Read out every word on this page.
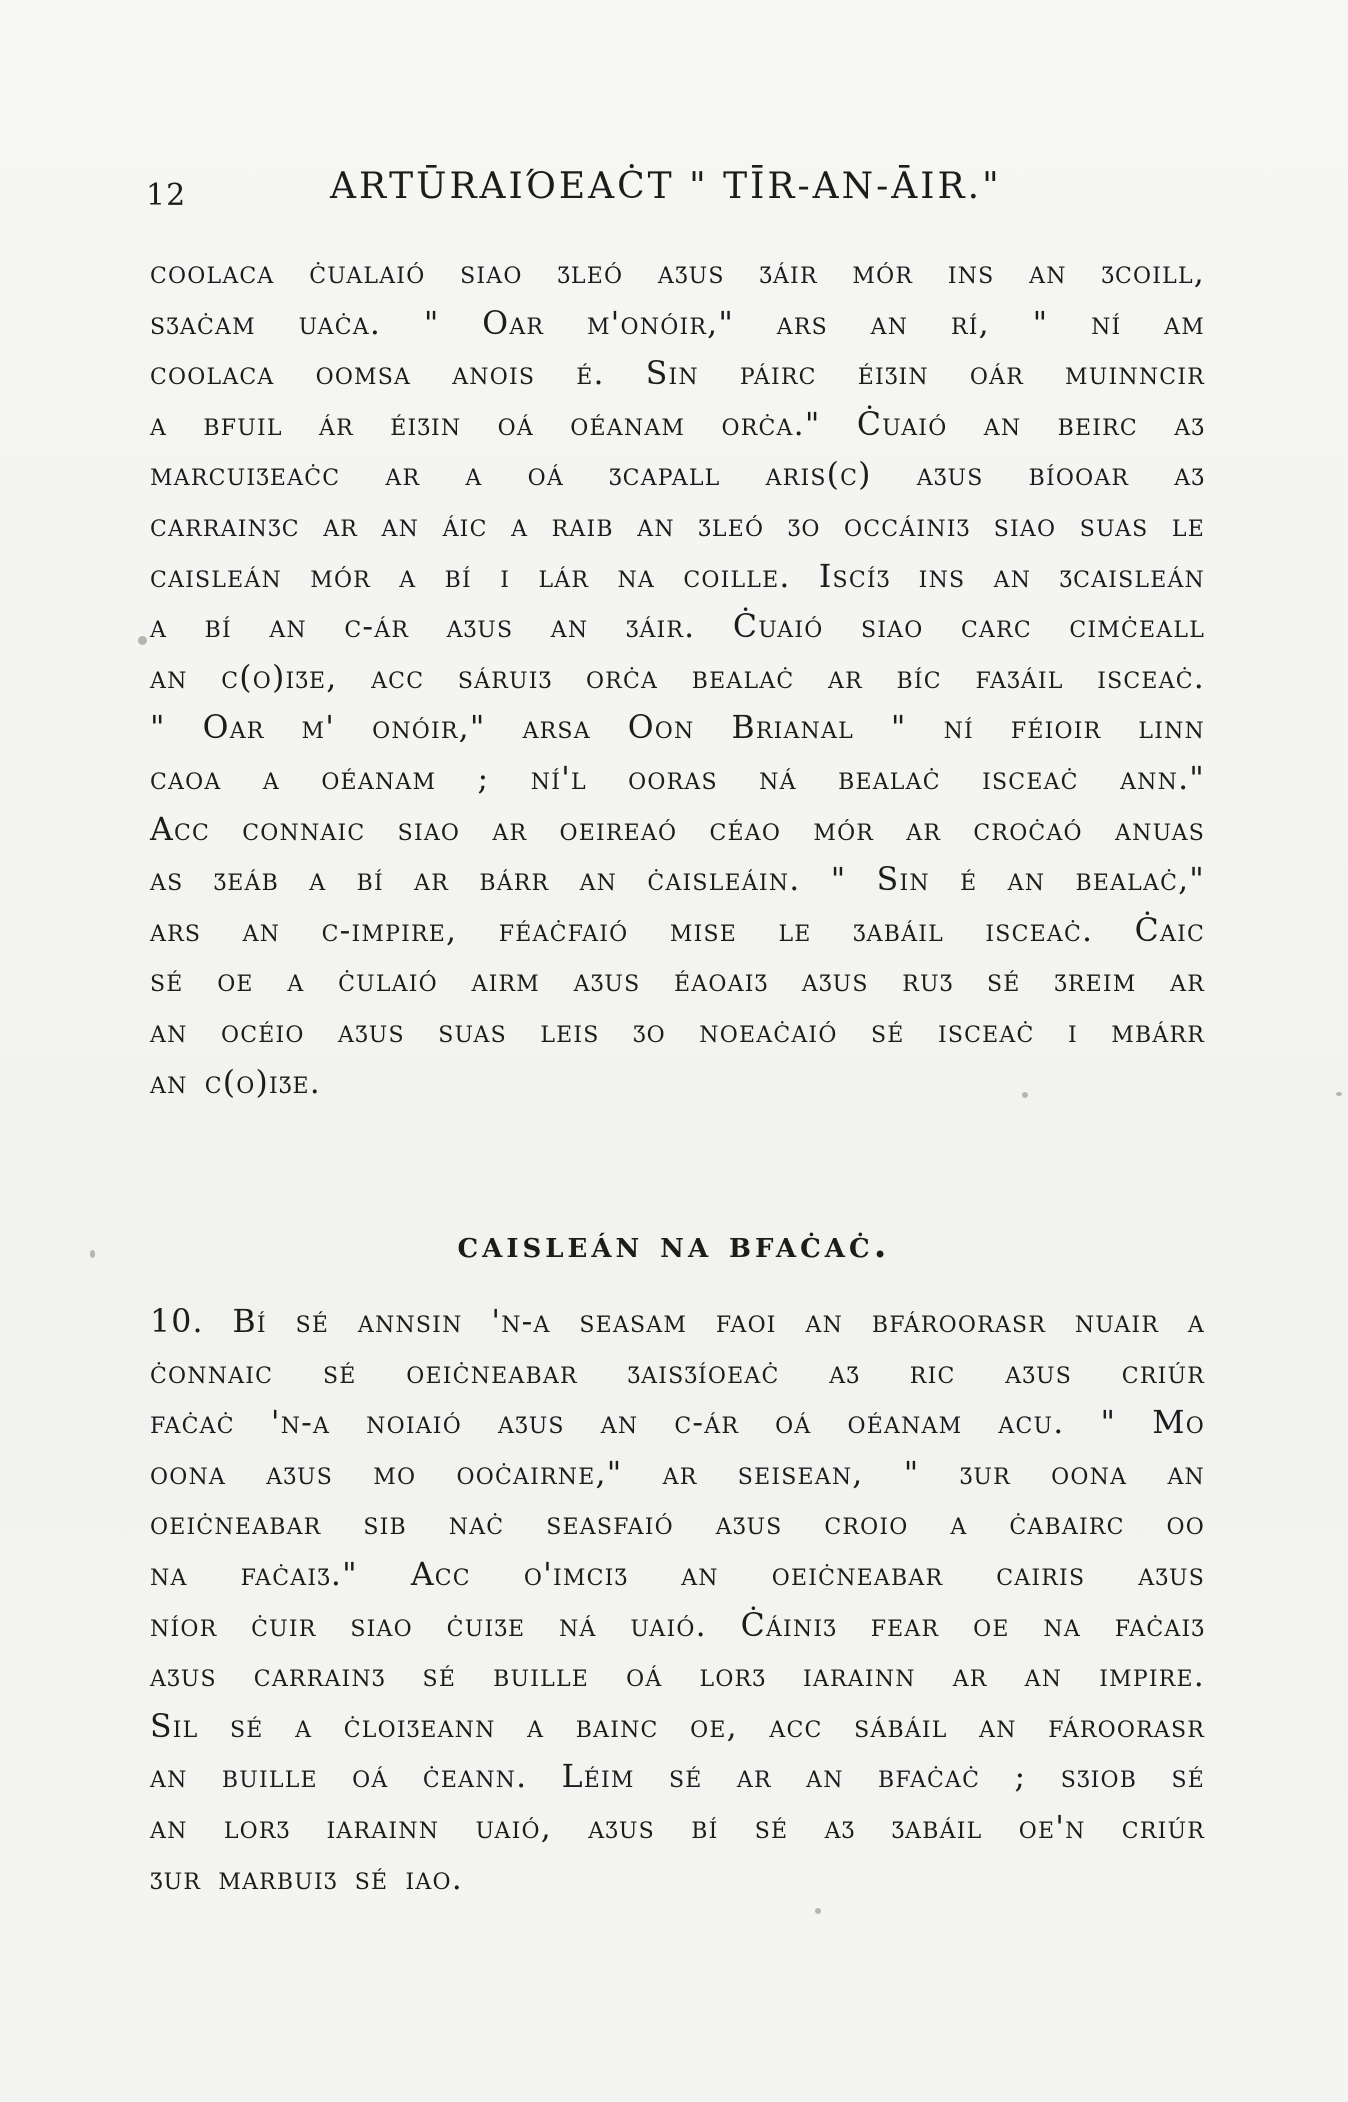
12	ΑRΤŪRΑΙΌΕΑĊΤ " ΤĪR-ΑΝ-ĀΙR."
coolaca ċualaió siao ʒleó aʒus ʒáir mór ins an ʒcoill,
sʒaċam uaċa. " Oar m'onóir," ars an rí, " ní am
coolaca oomsa anois é. Sin páirc éiʒin oár muinncir
a bfuil ár éiʒin oá oéanam orċa." Ċuaió an beirc aʒ
marcuiʒeaċc ar a oá ʒcapall aris(c) aʒus bíooar aʒ
carrainʒc ar an áic a raib an ʒleó ʒo occáiniʒ siao suas le
caisleán mór a bí i lár na coille. Iscíʒ ins an ʒcaisleán
a bí an c-ár aʒus an ʒáir. Ċuaió siao carc cimċeall
an c(o)iʒe, acc sáruiʒ orċa bealaċ ar bíc faʒáil isceaċ.
" Oar m' onóir," arsa Oon Brianal " ní féioir linn
caoa a oéanam ; ní'l ooras ná bealaċ isceaċ ann."
Acc connaic siao ar oeireaó céao mór ar croċaó anuas
as ʒeáb a bí ar bárr an ċaisleáin. " Sin é an bealaċ,"
ars an c-impire, féaċfaió mise le ʒabáil isceaċ. Ċaic
sé oe a ċulaió airm aʒus éaoaiʒ aʒus ruʒ sé ʒreim ar
an océio aʒus suas leis ʒo noeaċaió sé isceaċ i mbárr
an c(o)iʒe.
caisleán na bfaċaċ.
10. Bí sé annsin 'n-a seasam faoi an bfároorasr nuair a
ċonnaic sé oeiċneabar ʒaisʒíoeaċ aʒ ric aʒus criúr
faċaċ 'n-a noiaió aʒus an c-ár oá oéanam acu. " Mo
oona aʒus mo ooċairne," ar seisean, " ʒur oona an
oeiċneabar sib naċ seasfaió aʒus croio a ċabairc oo
na faċaiʒ." Acc o'imciʒ an oeiċneabar cairis aʒus
níor ċuir siao ċuiʒe ná uaió. Ċáiniʒ fear oe na faċaiʒ
aʒus carrainʒ sé buille oá lorʒ iarainn ar an impire.
Sil sé a ċloiʒeann a bainc oe, acc sábáil an fároorasr
an buille oá ċeann. Léim sé ar an bfaċaċ ; sʒiob sé
an lorʒ iarainn uaió, aʒus bí sé aʒ ʒabáil oe'n criúr
ʒur marbuiʒ sé iao.
